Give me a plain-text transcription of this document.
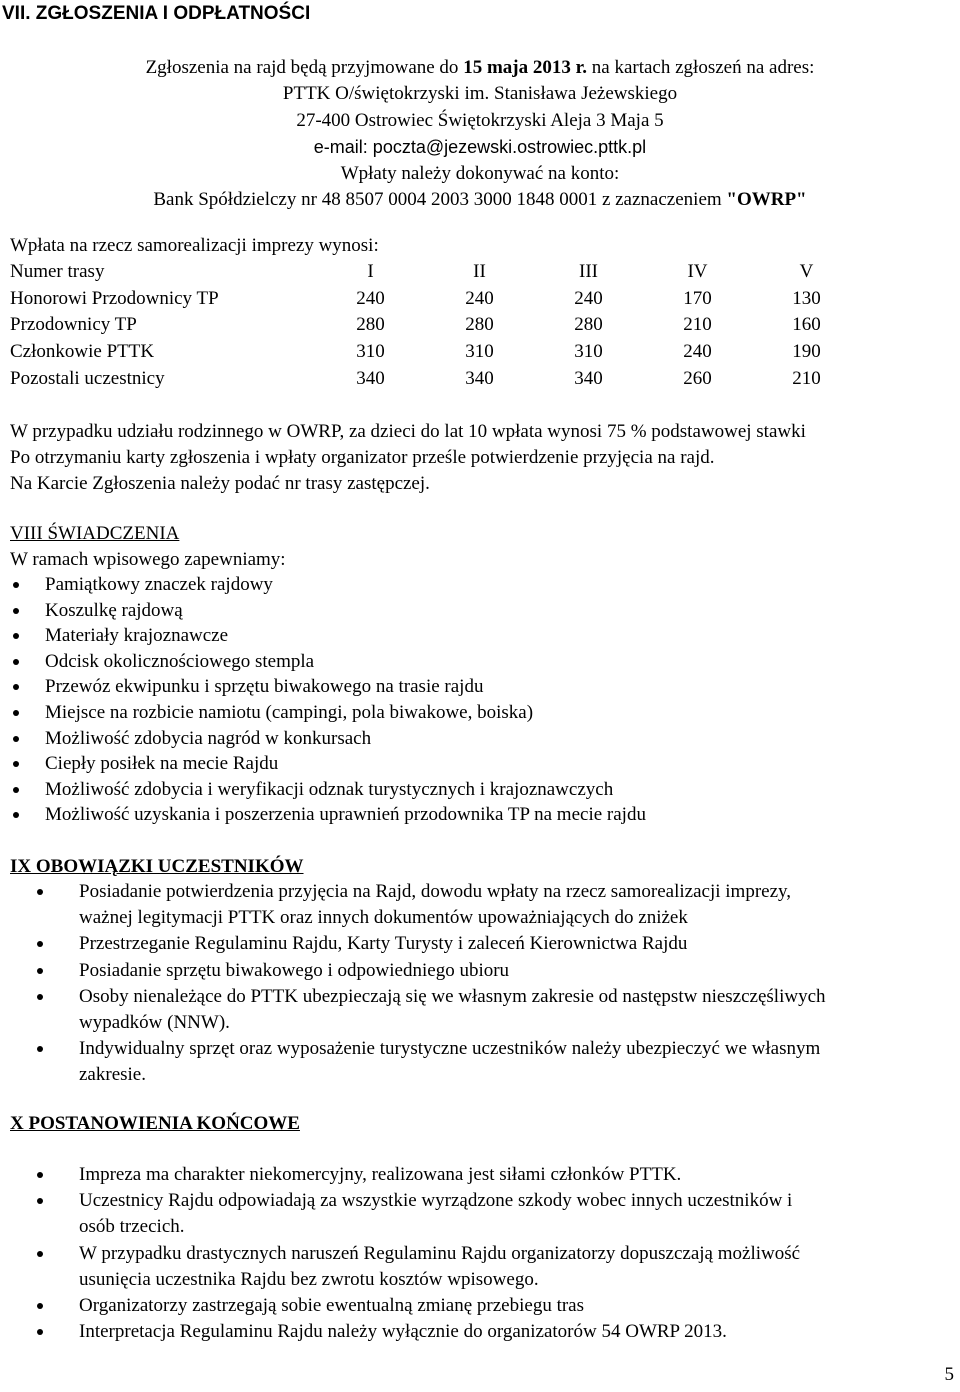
VII. ZGŁOSZENIA I ODPŁATNOŚCI
Zgłoszenia na rajd będą przyjmowane do 15 maja 2013 r. na kartach zgłoszeń na adres:
PTTK O/świętokrzyski im. Stanisława Jeżewskiego
27-400 Ostrowiec Świętokrzyski Aleja 3 Maja 5
e-mail: poczta@jezewski.ostrowiec.pttk.pl
Wpłaty należy dokonywać na konto:
Bank Spółdzielczy nr 48 8507 0004 2003 3000 1848 0001 z zaznaczeniem "OWRP"
Wpłata na rzecz samorealizacji imprezy wynosi:
Numer trasy	I	II	III	IV	V
Honorowi Przodownicy TP	240	240	240	170	130
Przodownicy TP	280	280	280	210	160
Członkowie PTTK	310	310	310	240	190
Pozostali uczestnicy	340	340	340	260	210
W przypadku udziału rodzinnego w OWRP, za dzieci do lat 10 wpłata wynosi 75 % podstawowej stawki
Po otrzymaniu karty zgłoszenia i wpłaty organizator prześle potwierdzenie przyjęcia na rajd.
Na Karcie Zgłoszenia należy podać nr trasy zastępczej.
VIII ŚWIADCZENIA
W ramach wpisowego zapewniamy:
Pamiątkowy znaczek rajdowy
Koszulkę rajdową
Materiały krajoznawcze
Odcisk okolicznościowego stempla
Przewóz ekwipunku i sprzętu biwakowego na trasie rajdu
Miejsce na rozbicie namiotu (campingi, pola biwakowe, boiska)
Możliwość zdobycia nagród w konkursach
Ciepły posiłek na mecie Rajdu
Możliwość zdobycia i weryfikacji odznak turystycznych i krajoznawczych
Możliwość uzyskania i poszerzenia uprawnień przodownika TP na mecie rajdu
IX OBOWIĄZKI UCZESTNIKÓW
Posiadanie potwierdzenia przyjęcia na Rajd, dowodu wpłaty na rzecz samorealizacji imprezy,
ważnej legitymacji PTTK oraz innych dokumentów upoważniających do zniżek
Przestrzeganie Regulaminu Rajdu, Karty Turysty i zaleceń Kierownictwa Rajdu
Posiadanie sprzętu biwakowego i odpowiedniego ubioru
Osoby nienależące do PTTK ubezpieczają się we własnym zakresie od następstw nieszczęśliwych
wypadków (NNW).
Indywidualny sprzęt oraz wyposażenie turystyczne uczestników należy ubezpieczyć we własnym
zakresie.
X POSTANOWIENIA KOŃCOWE
Impreza ma charakter niekomercyjny, realizowana jest siłami członków PTTK.
Uczestnicy Rajdu odpowiadają za wszystkie wyrządzone szkody wobec innych uczestników i
osób trzecich.
W przypadku drastycznych naruszeń Regulaminu Rajdu organizatorzy dopuszczają możliwość
usunięcia uczestnika Rajdu bez zwrotu kosztów wpisowego.
Organizatorzy zastrzegają sobie ewentualną zmianę przebiegu tras
Interpretacja Regulaminu Rajdu należy wyłącznie do organizatorów 54 OWRP 2013.
5
